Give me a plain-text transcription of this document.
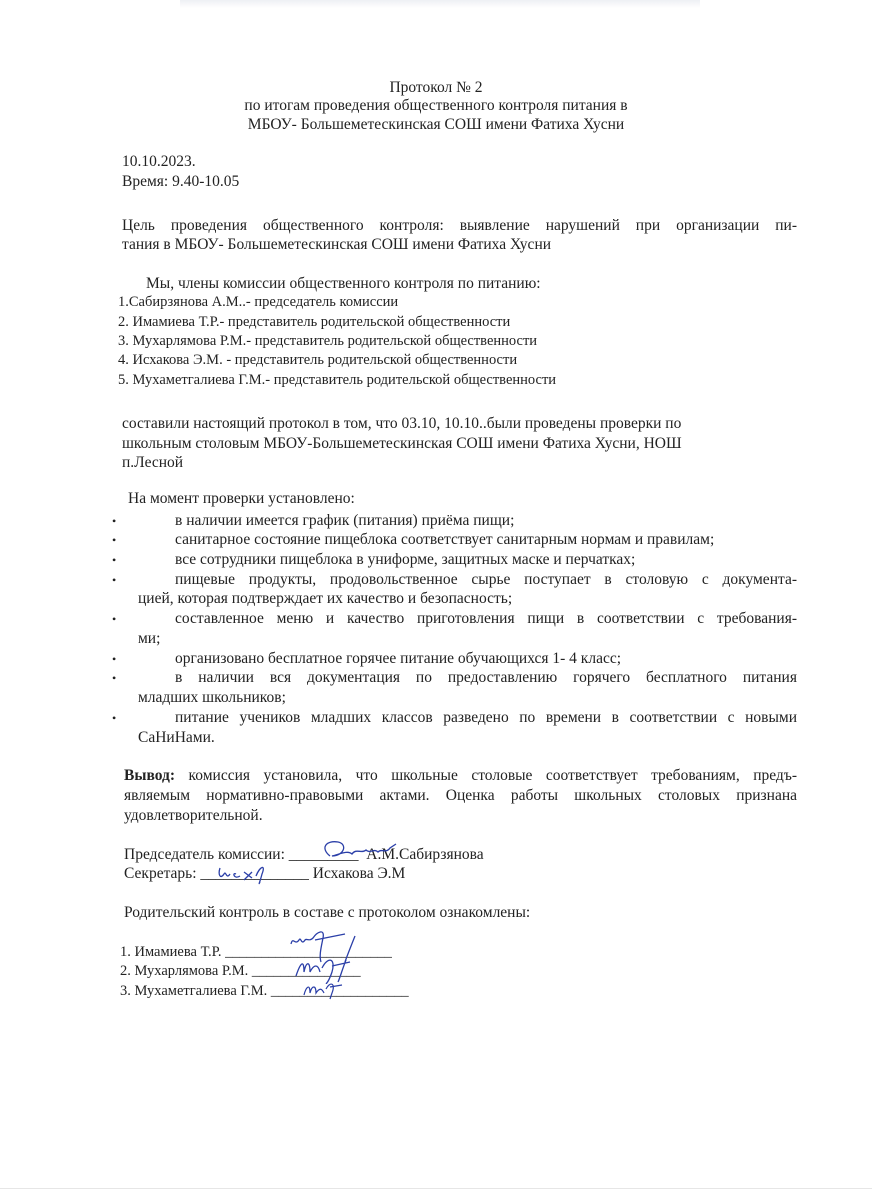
Протокол № 2
по итогам проведения общественного контроля питания в
МБОУ- Большеметескинская СОШ имени Фатиха Хусни
10.10.2023.
Время: 9.40-10.05
Цель проведения общественного контроля: выявление нарушений при организации пи-
тания в МБОУ- Большеметескинская СОШ имени Фатиха Хусни
Мы, члены комиссии общественного контроля по питанию:
1.Сабирзянова А.М..- председатель комиссии
2. Имамиева Т.Р.- представитель родительской общественности
3. Мухарлямова Р.М.- представитель родительской общественности
4. Исхакова Э.М. - представитель родительской общественности
5. Мухаметгалиева Г.М.- представитель родительской общественности
составили настоящий протокол в том, что 03.10, 10.10..были проведены проверки по
школьным столовым МБОУ-Большеметескинская СОШ имени Фатиха Хусни, НОШ
п.Лесной
На момент проверки установлено:
•	в наличии имеется график (питания) приёма пищи;
•	санитарное состояние пищеблока соответствует санитарным нормам и правилам;
•	все сотрудники пищеблока в униформе, защитных маске и перчатках;
•	пищевые продукты, продовольственное сырье поступает в столовую с документа-
цией, которая подтверждает их качество и безопасность;
•	составленное меню и качество приготовления пищи в соответствии с требования-
ми;
•	организовано бесплатное горячее питание обучающихся 1- 4 класс;
•	в наличии вся документация по предоставлению горячего бесплатного питания
младших школьников;
•	питание учеников младших классов разведено по времени в соответствии с новыми
СаНиНами.
Вывод: комиссия установила, что школьные столовые соответствует требованиям, предъ-
являемым нормативно-правовыми актами. Оценка работы школьных столовых признана
удовлетворительной.
Председатель комиссии: _________ А.М.Сабирзянова
Секретарь: ______________ Исхакова Э.М
Родительский контроль в составе с протоколом ознакомлены:
1. Имамиева Т.Р. _______________________
2. Мухарлямова Р.М. _______________
3. Мухаметгалиева Г.М. ___________________
